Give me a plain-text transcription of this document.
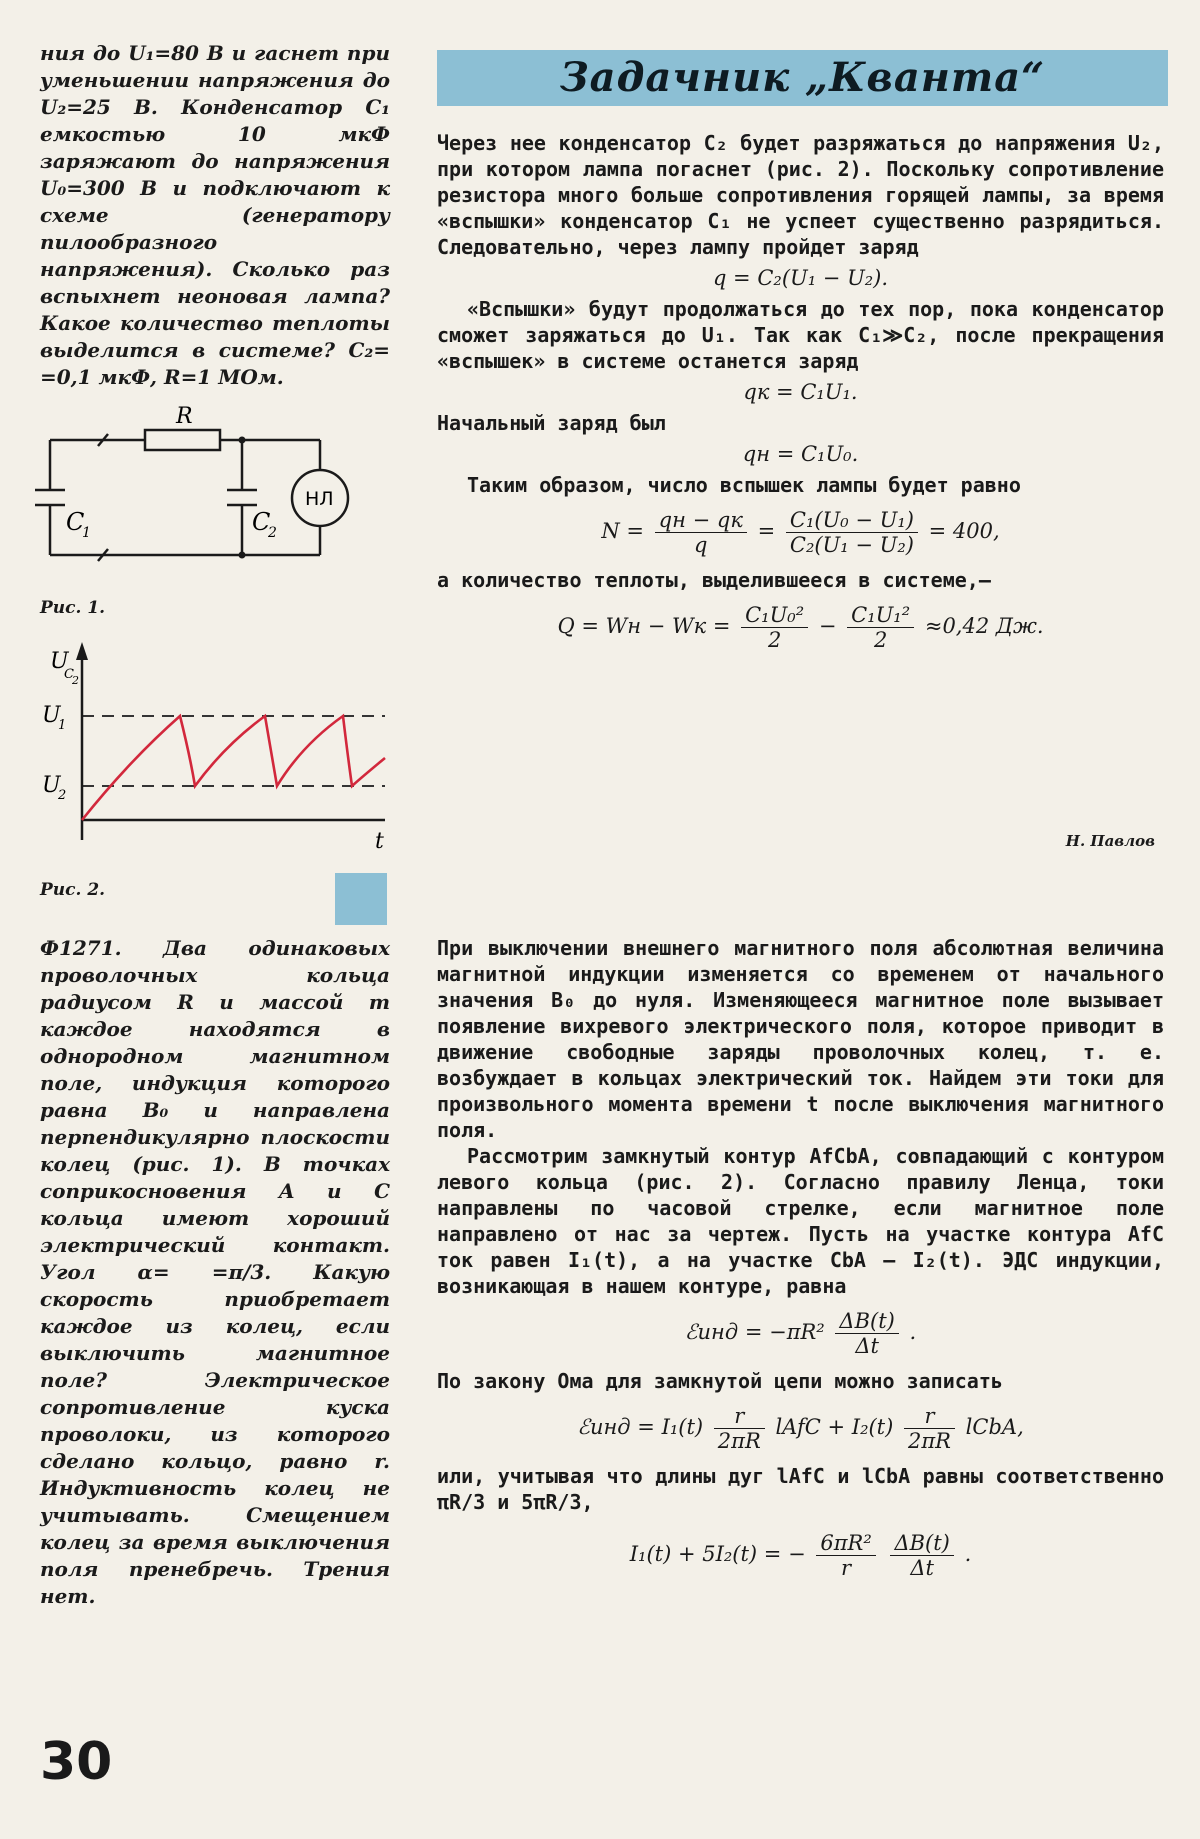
Задачник „Кванта“
ния до U₁=80 В и гаснет при уменьшении напряжения до U₂=25 В. Конденсатор C₁ емкостью 10 мкФ заряжают до напряжения U₀=300 В и подключают к схеме (генератору пилообразного напряжения). Сколько раз вспыхнет неоновая лампа? Какое количество теплоты выделится в системе? C₂= =0,1 мкФ, R=1 МОм.
R
C
1	C
2
НЛ
Рис. 1.
U
C
2
U
1
U
2
t
Рис. 2.
Через нее конденсатор C₂ будет разряжаться до напряжения U₂, при котором лампа погаснет (рис. 2). Поскольку сопротивление резистора много больше сопротивления горящей лампы, за время «вспышки» конденсатор C₁ не успеет существенно разрядиться. Следовательно, через лампу пройдет заряд
q = C₂(U₁ − U₂).
«Вспышки» будут продолжаться до тех пор, пока конденсатор сможет заряжаться до U₁. Так как C₁≫C₂, после прекращения «вспышек» в системе останется заряд
qк = C₁U₁.
Начальный заряд был
qн = C₁U₀.
Таким образом, число вспышек лампы будет равно
$N = \frac{qн - qк}{q} = \frac{\text{C₁(U₀ − U₁)}}{\text{C₂(U₁ − U₂)}} = 400$,
а количество теплоты, выделившееся в системе,—
Q = Wн − Wк = $\frac{\text{C₁U₀²}}{2} - \frac{\text{C₁U₁²}}{2} \approx 0,42$ Дж.
Н. Павлов
Ф1271. Два одинаковых проволочных кольца радиусом R и массой m каждое находятся в однородном магнитном поле, индукция которого равна B₀ и направлена перпендикулярно плоскости колец (рис. 1). В точках соприкосновения A и C кольца имеют хороший электрический контакт. Угол α= =π/3. Какую скорость приобретает каждое из колец, если выключить магнитное поле? Электрическое сопротивление куска проволоки, из которого сделано кольцо, равно r. Индуктивность колец не учитывать. Смещением колец за время выключения поля пренебречь. Трения нет.
При выключении внешнего магнитного поля абсолютная величина магнитной индукции изменяется со временем от начального значения B₀ до нуля. Изменяющееся магнитное поле вызывает появление вихревого электрического поля, которое приводит в движение свободные заряды проволочных колец, т. е. возбуждает в кольцах электрический ток. Найдем эти токи для произвольного момента времени t после выключения магнитного поля.
Рассмотрим замкнутый контур AfCbA, совпадающий с контуром левого кольца (рис. 2). Согласно правилу Ленца, токи направлены по часовой стрелке, если магнитное поле направлено от нас за чертеж. Пусть на участке контура AfC ток равен I₁(t), а на участке CbA — I₂(t). ЭДС индукции, возникающая в нашем контуре, равна
ℰинд = $-\pi R^2 \frac{\Delta B(t)}{\Delta t}$ .
По закону Ома для замкнутой цепи можно записать
ℰинд = $I_1(t) \frac{r}{2\pi R}$ lAfC + $I_2(t) \frac{r}{2\pi R}$ lCbA,
или, учитывая что длины дуг lAfC и lCbA равны соответственно πR/3 и 5πR/3,
I₁(t) + 5I₂(t) = − $\frac{\text{6πR²}}{r}$
$\frac{\Delta B(t)}{\Delta t}$ .
30
